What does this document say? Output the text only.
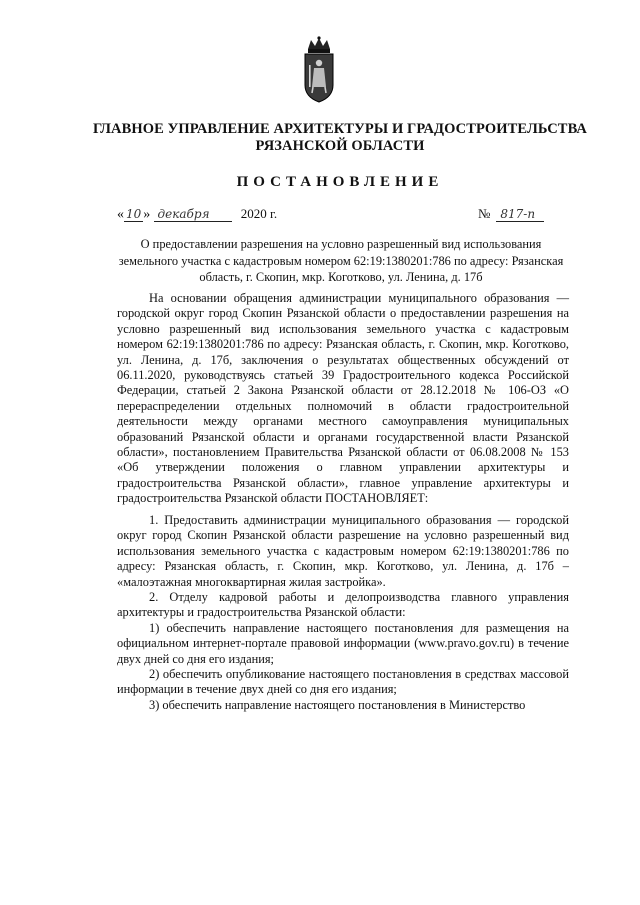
ГЛАВНОЕ УПРАВЛЕНИЕ АРХИТЕКТУРЫ И ГРАДОСТРОИТЕЛЬСТВА
РЯЗАНСКОЙ ОБЛАСТИ
ПОСТАНОВЛЕНИЕ
« 10 » декабря 2020 г.	№ 817-п
О предоставлении разрешения на условно разрешенный вид использования земельного участка с кадастровым номером 62:19:1380201:786 по адресу: Рязанская область, г. Скопин, мкр. Коготково, ул. Ленина, д. 17б

На основании обращения администрации муниципального образования — городской округ город Скопин Рязанской области о предоставлении разрешения на условно разрешенный вид использования земельного участка с кадастровым номером 62:19:1380201:786 по адресу: Рязанская область, г. Скопин, мкр. Коготково, ул. Ленина, д. 17б, заключения о результатах общественных обсуждений от 06.11.2020, руководствуясь статьей 39 Градостроительного кодекса Российской Федерации, статьей 2 Закона Рязанской области от 28.12.2018 № 106-ОЗ «О перераспределении отдельных полномочий в области градостроительной деятельности между органами местного самоуправления муниципальных образований Рязанской области и органами государственной власти Рязанской области», постановлением Правительства Рязанской области от 06.08.2008 № 153 «Об утверждении положения о главном управлении архитектуры и градостроительства Рязанской области», главное управление архитектуры и градостроительства Рязанской области ПОСТАНОВЛЯЕТ:

1. Предоставить администрации муниципального образования — городской округ город Скопин Рязанской области разрешение на условно разрешенный вид использования земельного участка с кадастровым номером 62:19:1380201:786 по адресу: Рязанская область, г. Скопин, мкр. Коготково, ул. Ленина, д. 17б – «малоэтажная многоквартирная жилая застройка».

2. Отделу кадровой работы и делопроизводства главного управления архитектуры и градостроительства Рязанской области:

1) обеспечить направление настоящего постановления для размещения на официальном интернет-портале правовой информации (www.pravo.gov.ru) в течение двух дней со дня его издания;

2) обеспечить опубликование настоящего постановления в средствах массовой информации в течение двух дней со дня его издания;

3) обеспечить направление настоящего постановления в Министерство
